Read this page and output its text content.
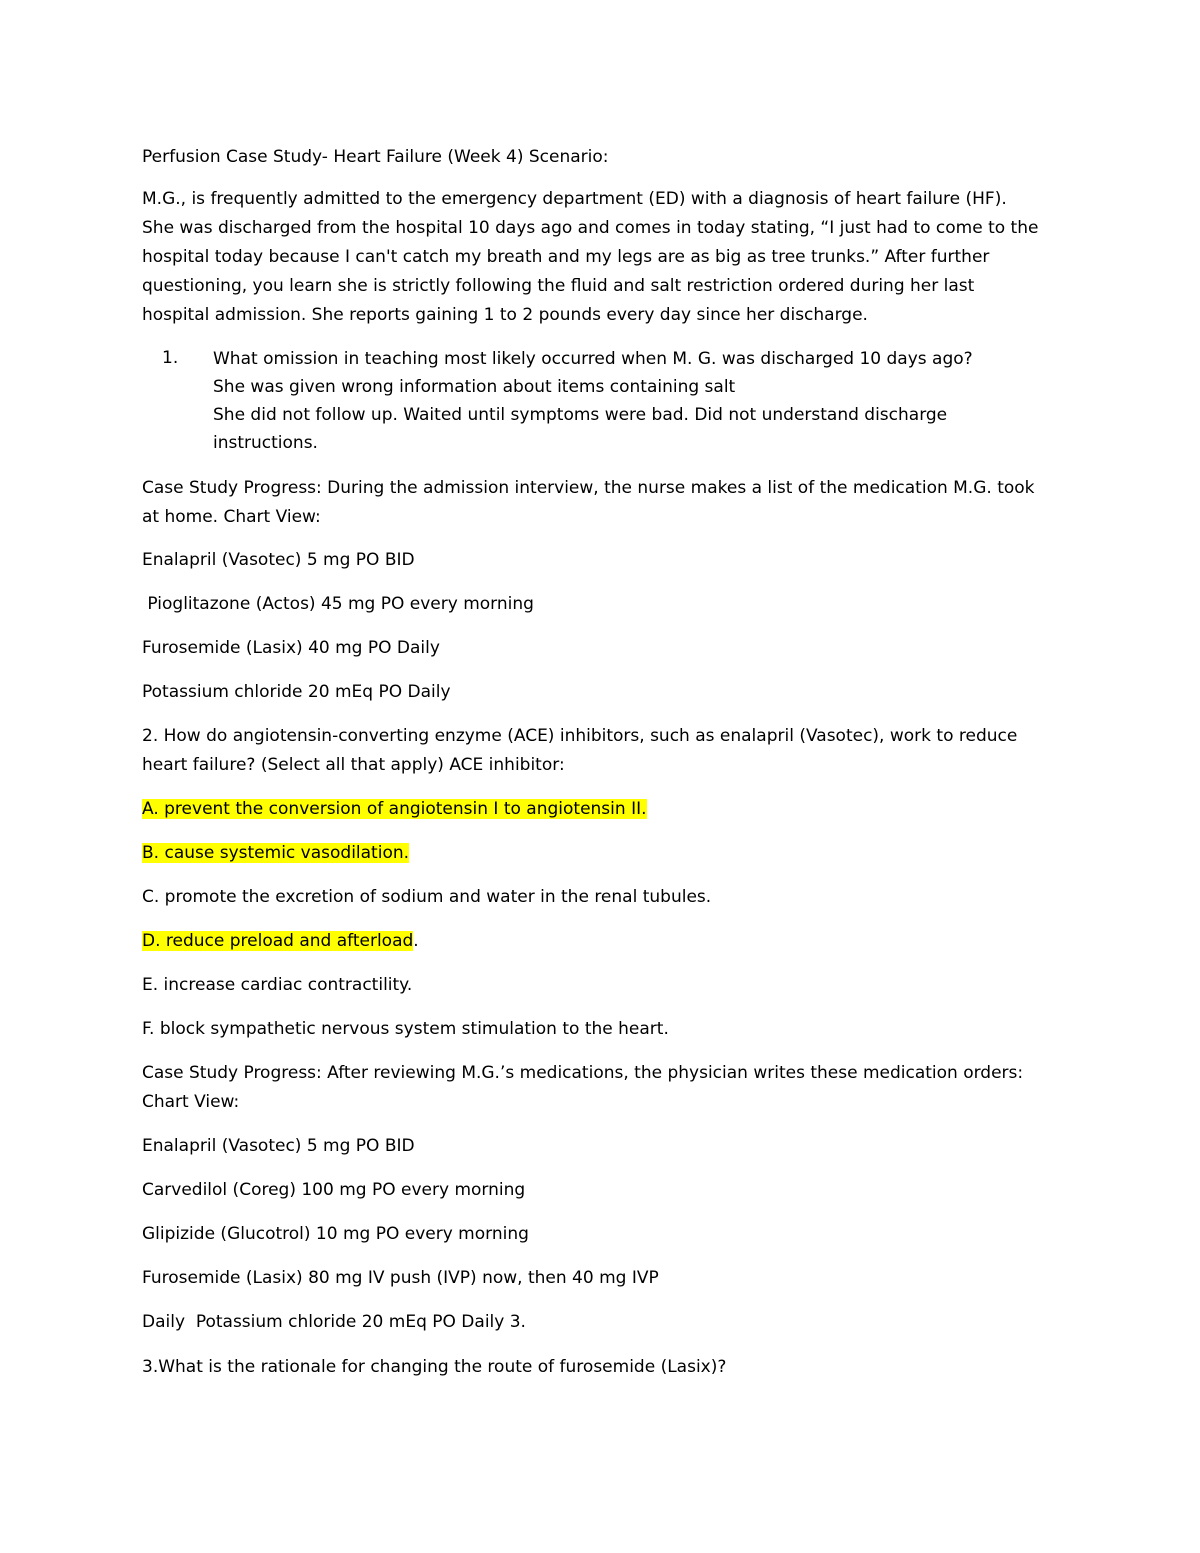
Perfusion Case Study- Heart Failure (Week 4) Scenario:

M.G., is frequently admitted to the emergency department (ED) with a diagnosis of heart failure (HF).

She was discharged from the hospital 10 days ago and comes in today stating, “I just had to come to the

hospital today because I can't catch my breath and my legs are as big as tree trunks.” After further

questioning, you learn she is strictly following the fluid and salt restriction ordered during her last

hospital admission. She reports gaining 1 to 2 pounds every day since her discharge.

1. What omission in teaching most likely occurred when M. G. was discharged 10 days ago?
She was given wrong information about items containing salt
She did not follow up. Waited until symptoms were bad. Did not understand discharge
instructions.

Case Study Progress: During the admission interview, the nurse makes a list of the medication M.G. took

at home. Chart View:

Enalapril (Vasotec) 5 mg PO BID

Pioglitazone (Actos) 45 mg PO every morning

Furosemide (Lasix) 40 mg PO Daily

Potassium chloride 20 mEq PO Daily

2. How do angiotensin-converting enzyme (ACE) inhibitors, such as enalapril (Vasotec), work to reduce

heart failure? (Select all that apply) ACE inhibitor:

A. prevent the conversion of angiotensin I to angiotensin II.

B. cause systemic vasodilation.

C. promote the excretion of sodium and water in the renal tubules.

D. reduce preload and afterload.

E. increase cardiac contractility.

F. block sympathetic nervous system stimulation to the heart.

Case Study Progress: After reviewing M.G.’s medications, the physician writes these medication orders:

Chart View:

Enalapril (Vasotec) 5 mg PO BID

Carvedilol (Coreg) 100 mg PO every morning

Glipizide (Glucotrol) 10 mg PO every morning

Furosemide (Lasix) 80 mg IV push (IVP) now, then 40 mg IVP

Daily  Potassium chloride 20 mEq PO Daily 3.

3.What is the rationale for changing the route of furosemide (Lasix)?
